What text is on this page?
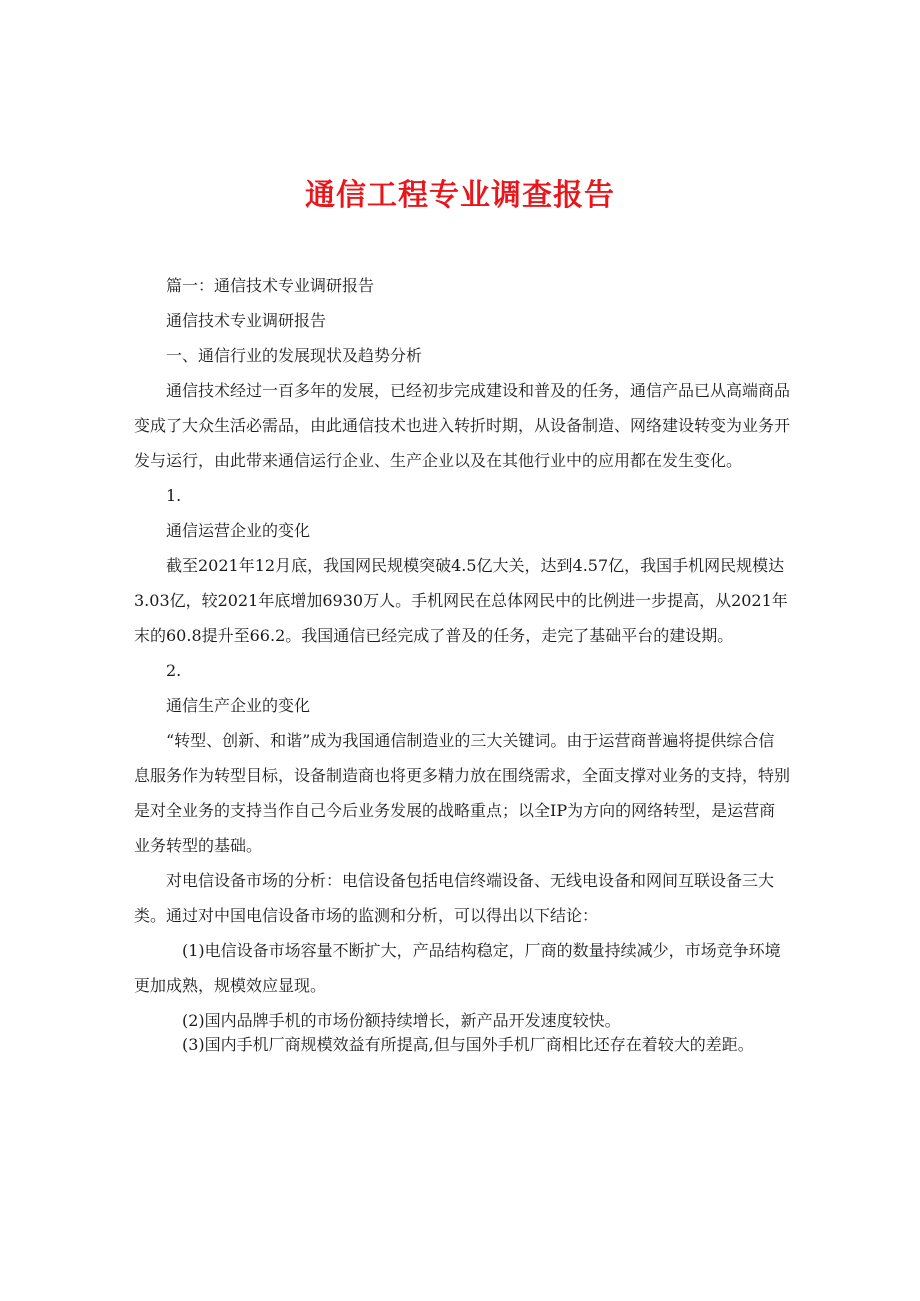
通信工程专业调查报告

篇一：通信技术专业调研报告

通信技术专业调研报告

一、通信行业的发展现状及趋势分析

通信技术经过一百多年的发展，已经初步完成建设和普及的任务，通信产品已从高端商品变成了大众生活必需品，由此通信技术也进入转折时期，从设备制造、网络建设转变为业务开发与运行，由此带来通信运行企业、生产企业以及在其他行业中的应用都在发生变化。

1.

通信运营企业的变化

截至2021年12月底，我国网民规模突破4.5亿大关，达到4.57亿，我国手机网民规模达3.03亿，较2021年底增加6930万人。手机网民在总体网民中的比例进一步提高，从2021年末的60.8提升至66.2。我国通信已经完成了普及的任务，走完了基础平台的建设期。

2.

通信生产企业的变化

“转型、创新、和谐”成为我国通信制造业的三大关键词。由于运营商普遍将提供综合信息服务作为转型目标，设备制造商也将更多精力放在围绕需求，全面支撑对业务的支持，特别是对全业务的支持当作自己今后业务发展的战略重点；以全IP为方向的网络转型，是运营商业务转型的基础。

对电信设备市场的分析：电信设备包括电信终端设备、无线电设备和网间互联设备三大类。通过对中国电信设备市场的监测和分析，可以得出以下结论：

(1)电信设备市场容量不断扩大，产品结构稳定，厂商的数量持续减少，市场竞争环境更加成熟，规模效应显现。

(2)国内品牌手机的市场份额持续增长，新产品开发速度较快。

(3)国内手机厂商规模效益有所提高,但与国外手机厂商相比还存在着较大的差距。
